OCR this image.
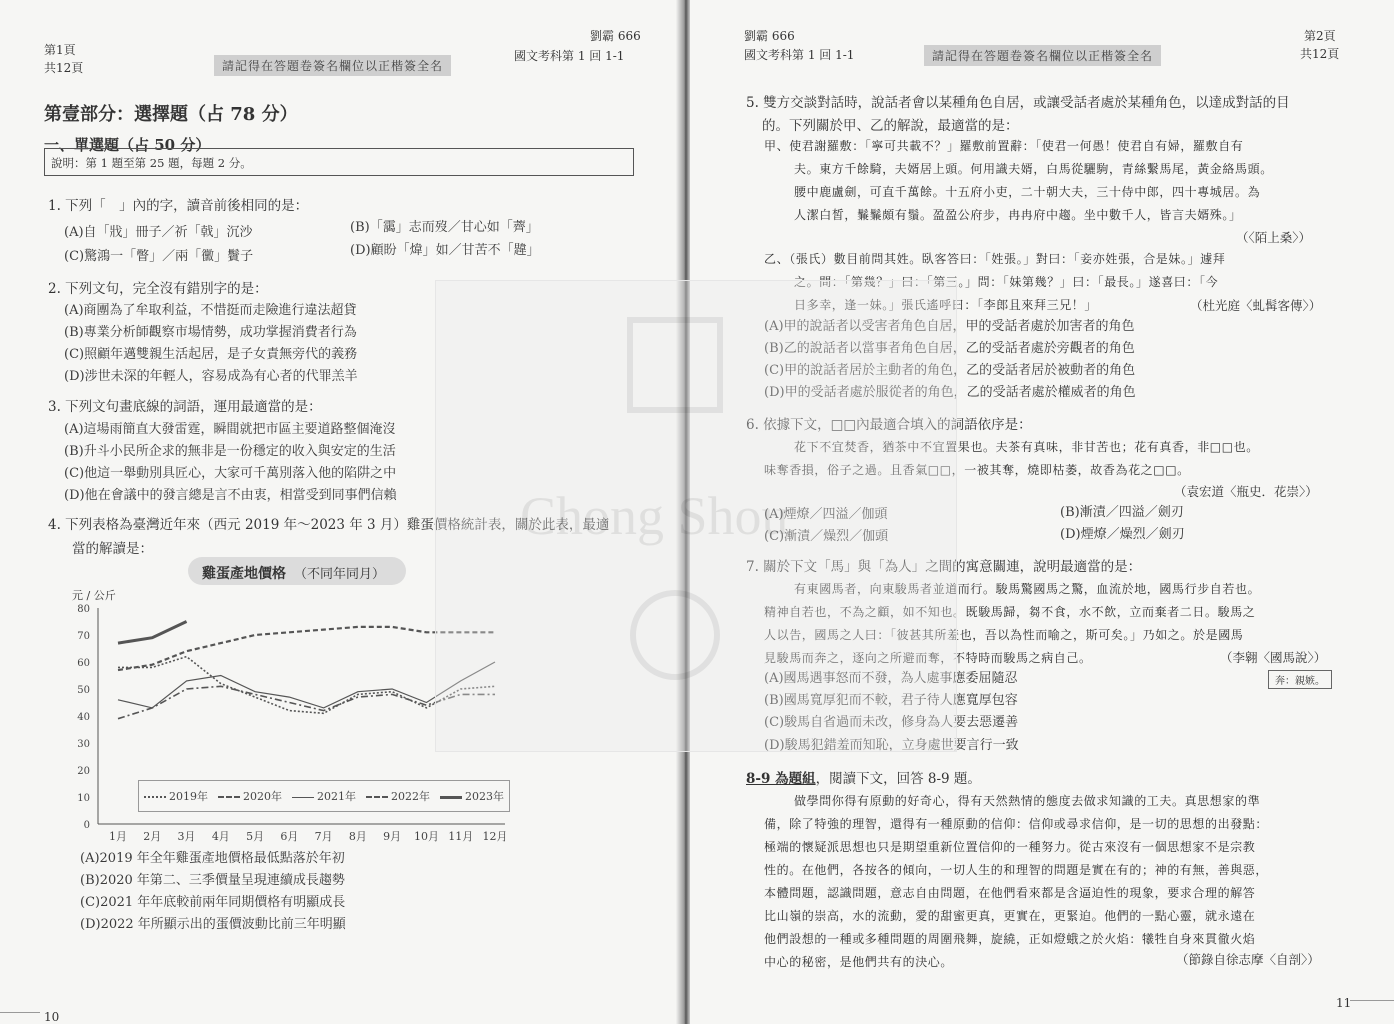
第1頁
共12頁	請記得在答題卷簽名欄位以正楷簽全名
劉霸 666
國文考科第 1 回 1-1
第壹部分：選擇題（占 78 分）
一、單選題（占 50 分）
說明：第 1 題至第 25 題，每題 2 分。
1. 下列「　」內的字，讀音前後相同的是：
(A)自「戕」冊子／祈「戟」沉沙	(B)「靄」志而歿／甘心如「薺」
(C)驚鴻一「瞥」／兩「黴」鬢子	(D)顧盼「煒」如／甘苦不「韙」
2. 下列文句，完全沒有錯別字的是：
(A)商團為了牟取利益，不惜挺而走險進行違法超貸
(B)專業分析師觀察市場情勢，成功掌握消費者行為
(C)照顧年邁雙親生活起居，是子女責無旁代的義務
(D)涉世未深的年輕人，容易成為有心者的代罪羔羊
3. 下列文句畫底線的詞語，運用最適當的是：
(A)這場雨簡直大發雷霆，瞬間就把市區主要道路整個淹沒
(B)升斗小民所企求的無非是一份穩定的收入與安定的生活
(C)他這一舉動別具匠心，大家可千萬別落入他的陷阱之中
(D)他在會議中的發言總是言不由衷，相當受到同事們信賴
4. 下列表格為臺灣近年來（西元 2019 年～2023 年 3 月）雞蛋價格統計表，關於此表，最適
當的解讀是：
雞蛋產地價格 （不同年同月）
元 / 公斤
0
10
20
30
40
50
60
70
80
1月 2月 3月 4月 5月 6月 7月 8月 9月 10月 11月 12月
2019年	2020年	2021年	2022年	2023年
(A)2019 年全年雞蛋產地價格最低點落於年初
(B)2020 年第二、三季價量呈現連續成長趨勢
(C)2021 年年底較前兩年同期價格有明顯成長
(D)2022 年所顯示出的蛋價波動比前三年明顯
10
劉霸 666
國文考科第 1 回 1-1	請記得在答題卷簽名欄位以正楷簽全名
第2頁
共12頁
5. 雙方交談對話時，說話者會以某種角色自居，或讓受話者處於某種角色，以達成對話的目
的。下列關於甲、乙的解說，最適當的是：
甲、使君謝羅敷：「寧可共載不？」羅敷前置辭：「使君一何愚！使君自有婦，羅敷自有
夫。東方千餘騎，夫婿居上頭。何用識夫婿，白馬從驪駒，青絲繫馬尾，黃金絡馬頭。
腰中鹿盧劍，可直千萬餘。十五府小吏，二十朝大夫，三十侍中郎，四十專城居。為
人潔白皙，鬑鬑頗有鬚。盈盈公府步，冉冉府中趨。坐中數千人，皆言夫婿殊。」
（〈陌上桑〉）
乙、（張氏）數目前問其姓。臥客答曰：「姓張。」對曰：「妾亦姓張，合是妹。」遽拜
之。問：「第幾？」曰：「第三。」問：「妹第幾？」曰：「最長。」遂喜曰：「今
日多幸，逢一妹。」張氏遙呼曰：「李郎且來拜三兄！」	（杜光庭〈虬髯客傳〉）
(A)甲的說話者以受害者角色自居，甲的受話者處於加害者的角色
(B)乙的說話者以當事者角色自居，乙的受話者處於旁觀者的角色
(C)甲的說話者居於主動者的角色，乙的受話者居於被動者的角色
(D)甲的受話者處於服從者的角色，乙的受話者處於權威者的角色
6. 依據下文，□□內最適合填入的詞語依序是：
花下不宜焚香，猶茶中不宜置果也。夫茶有真味，非甘苦也；花有真香，非□□也。
味奪香損，俗子之過。且香氣□□，一被其奪，燒即枯萎，故香為花之□□。
（袁宏道〈瓶史．花崇〉）
(A)煙燎／四溢／伽頭	(B)漸漬／四溢／劍刃
(C)漸漬／燥烈／伽頭	(D)煙燎／燥烈／劍刃
7. 關於下文「馬」與「為人」之間的寓意關連，說明最適當的是：
有東國馬者，向東駿馬者並道而行。駿馬驚國馬之驚，血流於地，國馬行步自若也。
精神自若也，不為之顧，如不知也。既駿馬歸，芻不食，水不飲，立而棄者二日。駿馬之
人以告，國馬之人曰：「彼甚其所羞也，吾以為性而喻之，斯可矣。」乃如之。於是國馬
見駿馬而奔之，逐向之所避而奪，不特時而駿馬之病自己。	（李翱〈國馬說〉）
奔：親嫉。
(A)國馬遇事怒而不發，為人處事應委屈隨忍
(B)國馬寬厚犯而不較，君子待人應寬厚包容
(C)駿馬自省過而未改，修身為人要去惡遷善
(D)駿馬犯錯羞而知恥，立身處世要言行一致
8-9 為題組，閱讀下文，回答 8-9 題。
做學問你得有原動的好奇心，得有天然熱情的態度去做求知識的工夫。真思想家的準
備，除了特強的理智，還得有一種原動的信仰：信仰或尋求信仰，是一切的思想的出發點：
極端的懷疑派思想也只是期望重新位置信仰的一種努力。從古來沒有一個思想家不是宗教
性的。在他們，各按各的傾向，一切人生的和理智的問題是實在有的；神的有無，善與惡，
本體問題，認識問題，意志自由問題，在他們看來都是含逼迫性的現象，要求合理的解答
比山嶺的崇高，水的流動，愛的甜蜜更真，更實在，更緊迫。他們的一點心靈，就永遠在
他們設想的一種或多種問題的周圍飛舞，旋繞，正如燈蛾之於火焰：犧牲自身來貫徹火焰
中心的秘密，是他們共有的決心。	（節錄自徐志摩〈自剖〉）
11
Chong Shou
